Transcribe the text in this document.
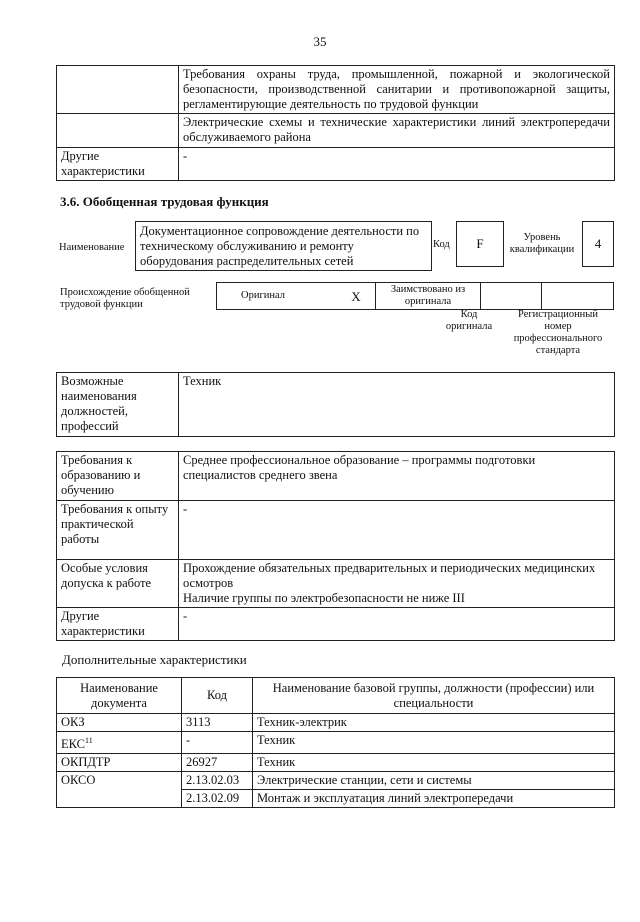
35
	Требования охраны труда, промышленной, пожарной и экологической безопасности, производственной санитарии и противопожарной защиты, регламентирующие деятельность по трудовой функции
	Электрические схемы и технические характеристики линий электропередачи обслуживаемого района
Другие характеристики	-
3.6. Обобщенная трудовая функция
Наименование
Документационное сопровождение деятельности по техническому обслуживанию и ремонту оборудования распределительных сетей
Код	F	Уровень квалификации	4
Происхождение обобщенной трудовой функции
Оригинал	X	Заимствовано из оригинала		
Код оригинала
Регистрационный номер профессионального стандарта
Возможные наименования должностей, профессий	Техник
Требования к образованию и обучению	Среднее профессиональное образование – программы подготовки специалистов среднего звена
Требования к опыту практической работы	-
Особые условия допуска к работе	Прохождение обязательных предварительных и периодических медицинских осмотров
Наличие группы по электробезопасности не ниже III

Другие характеристики	-
Дополнительные характеристики
Наименование документа	Код	Наименование базовой группы, должности (профессии) или специальности
ОКЗ	3113	Техник-электрик
ЕКС$^{11}$	-	Техник
ОКПДТР	26927	Техник
ОКСО	2.13.02.03	Электрические станции, сети и системы
	2.13.02.09	Монтаж и эксплуатация линий электропередачи
